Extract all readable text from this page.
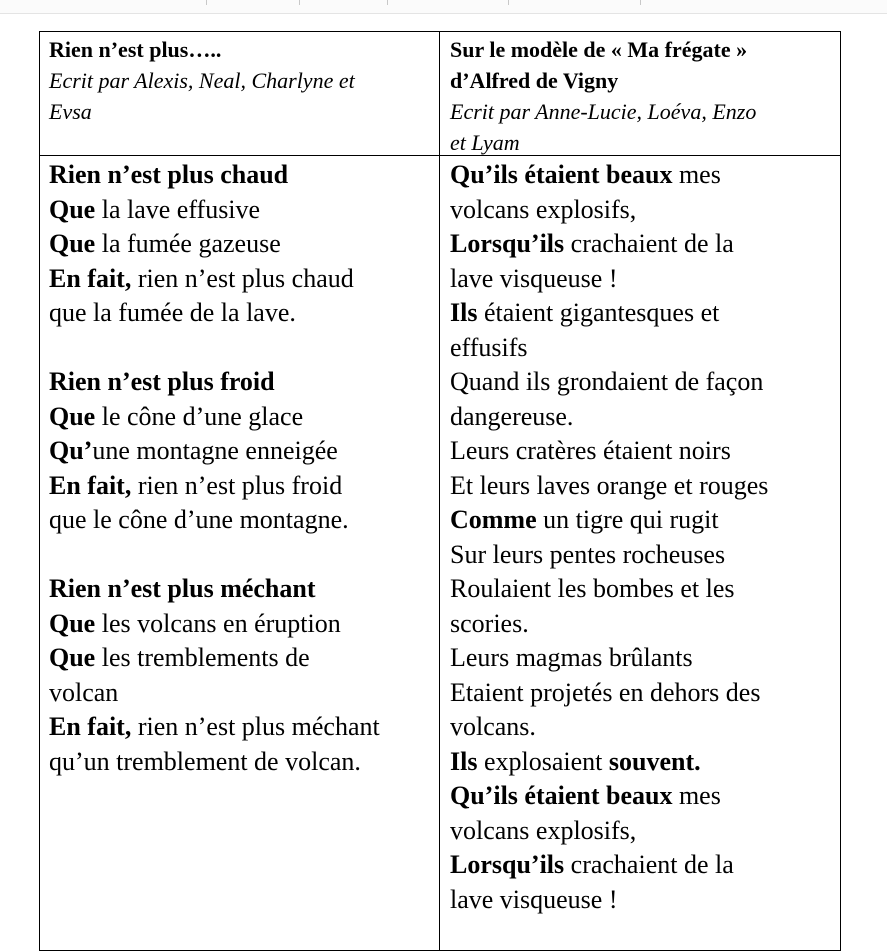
Rien n’est plus…..
Ecrit par Alexis, Neal, Charlyne et
Evsa
Sur le modèle de « Ma frégate »
d’Alfred de Vigny
Ecrit par Anne-Lucie, Loéva, Enzo
et Lyam
Rien n’est plus chaud
Que la lave effusive
Que la fumée gazeuse
En fait, rien n’est plus chaud
que la fumée de la lave.
Rien n’est plus froid
Que le cône d’une glace
Qu’une montagne enneigée
En fait, rien n’est plus froid
que le cône d’une montagne.
Rien n’est plus méchant
Que les volcans en éruption
Que les tremblements de
volcan
En fait, rien n’est plus méchant
qu’un tremblement de volcan.
Qu’ils étaient beaux mes
volcans explosifs,
Lorsqu’ils crachaient de la
lave visqueuse !
Ils étaient gigantesques et
effusifs
Quand ils grondaient de façon
dangereuse.
Leurs cratères étaient noirs
Et leurs laves orange et rouges
Comme un tigre qui rugit
Sur leurs pentes rocheuses
Roulaient les bombes et les
scories.
Leurs magmas brûlants
Etaient projetés en dehors des
volcans.
Ils explosaient souvent.
Qu’ils étaient beaux mes
volcans explosifs,
Lorsqu’ils crachaient de la
lave visqueuse !
